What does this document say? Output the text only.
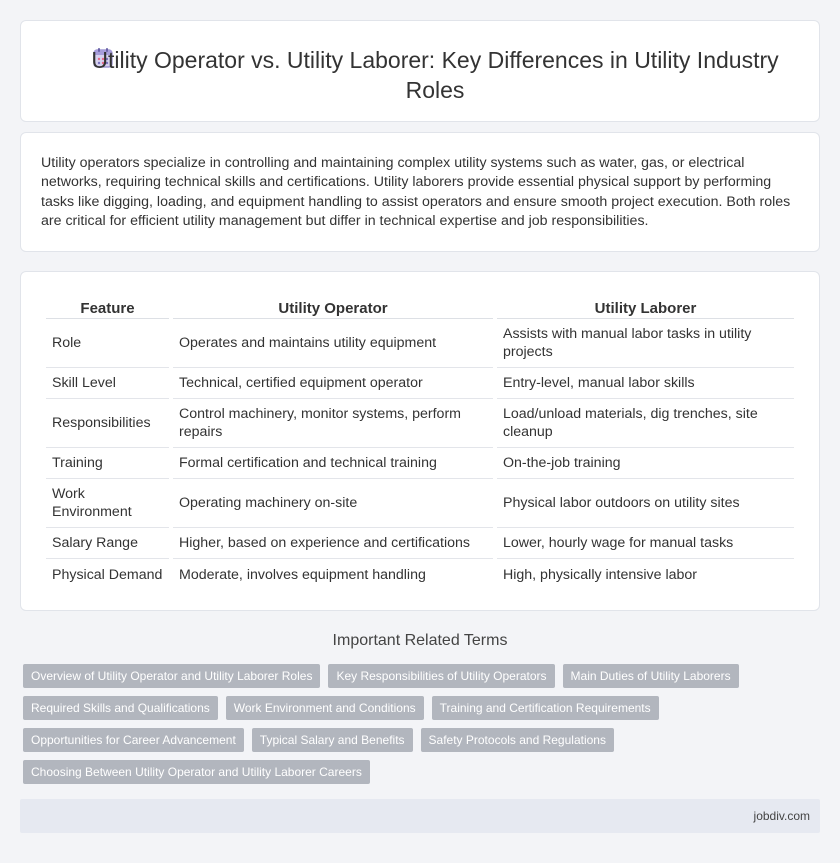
Utility Operator vs. Utility Laborer: Key Differences in Utility Industry Roles

Utility operators specialize in controlling and maintaining complex utility systems such as water, gas, or electrical networks, requiring technical skills and certifications. Utility laborers provide essential physical support by performing tasks like digging, loading, and equipment handling to assist operators and ensure smooth project execution. Both roles are critical for efficient utility management but differ in technical expertise and job responsibilities.

Feature	Utility Operator	Utility Laborer
Role	Operates and maintains utility equipment	Assists with manual labor tasks in utility projects
Skill Level	Technical, certified equipment operator	Entry-level, manual labor skills
Responsibilities	Control machinery, monitor systems, perform repairs	Load/unload materials, dig trenches, site cleanup
Training	Formal certification and technical training	On-the-job training
Work Environment	Operating machinery on-site	Physical labor outdoors on utility sites
Salary Range	Higher, based on experience and certifications	Lower, hourly wage for manual tasks
Physical Demand	Moderate, involves equipment handling	High, physically intensive labor
Important Related Terms
Overview of Utility Operator and Utility Laborer Roles	Key Responsibilities of Utility Operators	Main Duties of Utility Laborers
Required Skills and Qualifications	Work Environment and Conditions	Training and Certification Requirements
Opportunities for Career Advancement	Typical Salary and Benefits	Safety Protocols and Regulations
Choosing Between Utility Operator and Utility Laborer Careers
jobdiv.com
